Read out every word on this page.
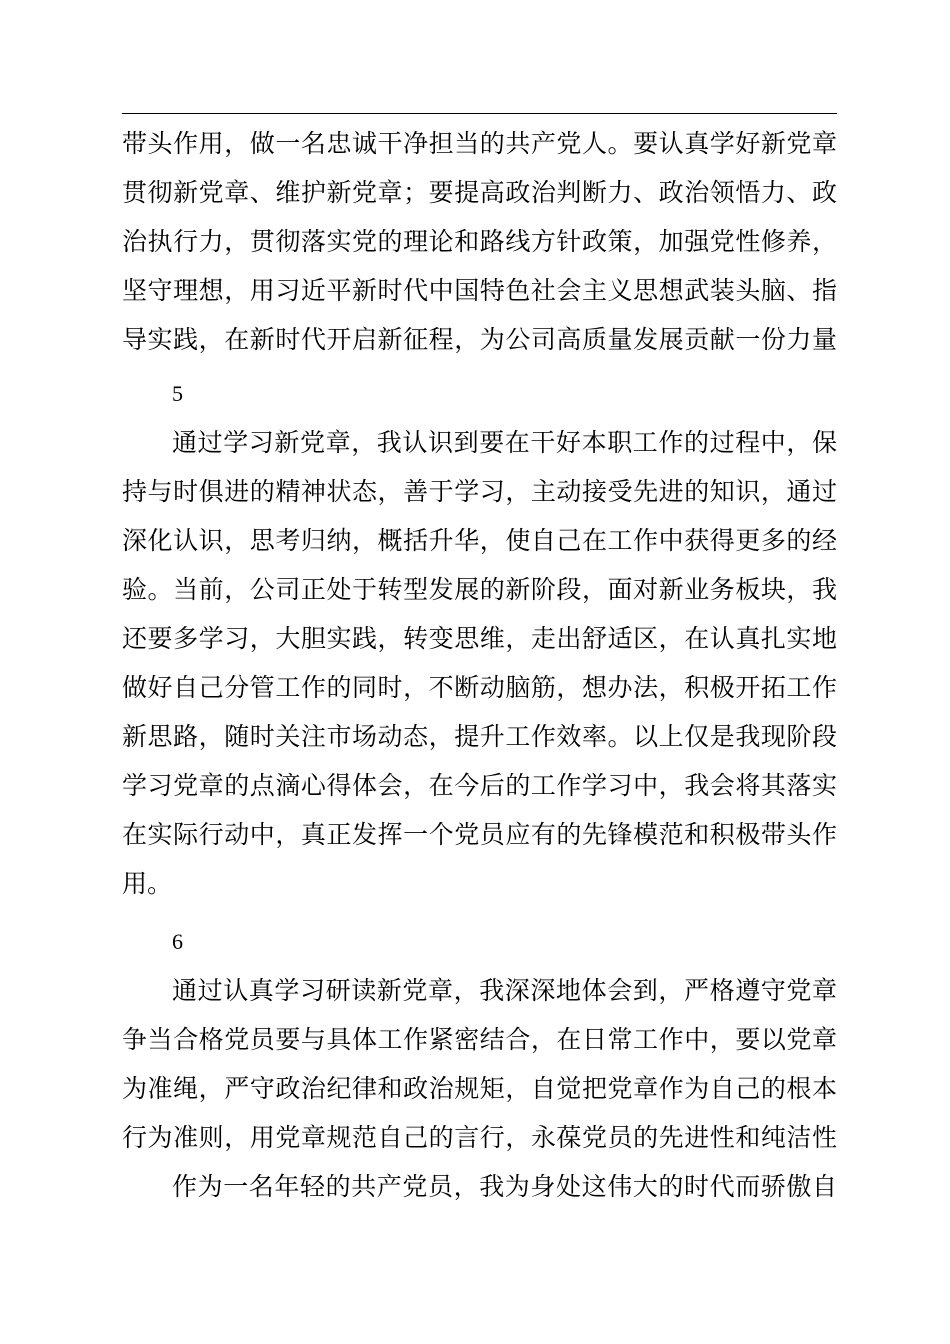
带头作用，做一名忠诚干净担当的共产党人。要认真学好新党章
贯彻新党章、维护新党章；要提高政治判断力、政治领悟力、政
治执行力，贯彻落实党的理论和路线方针政策，加强党性修养，
坚守理想，用习近平新时代中国特色社会主义思想武装头脑、指
导实践，在新时代开启新征程，为公司高质量发展贡献一份力量
5
通过学习新党章，我认识到要在干好本职工作的过程中，保
持与时俱进的精神状态，善于学习，主动接受先进的知识，通过
深化认识，思考归纳，概括升华，使自己在工作中获得更多的经
验。当前，公司正处于转型发展的新阶段，面对新业务板块，我
还要多学习，大胆实践，转变思维，走出舒适区，在认真扎实地
做好自己分管工作的同时，不断动脑筋，想办法，积极开拓工作
新思路，随时关注市场动态，提升工作效率。以上仅是我现阶段
学习党章的点滴心得体会，在今后的工作学习中，我会将其落实
在实际行动中，真正发挥一个党员应有的先锋模范和积极带头作
用。
6
通过认真学习研读新党章，我深深地体会到，严格遵守党章
争当合格党员要与具体工作紧密结合，在日常工作中，要以党章
为准绳，严守政治纪律和政治规矩，自觉把党章作为自己的根本
行为准则，用党章规范自己的言行，永葆党员的先进性和纯洁性
作为一名年轻的共产党员，我为身处这伟大的时代而骄傲自
